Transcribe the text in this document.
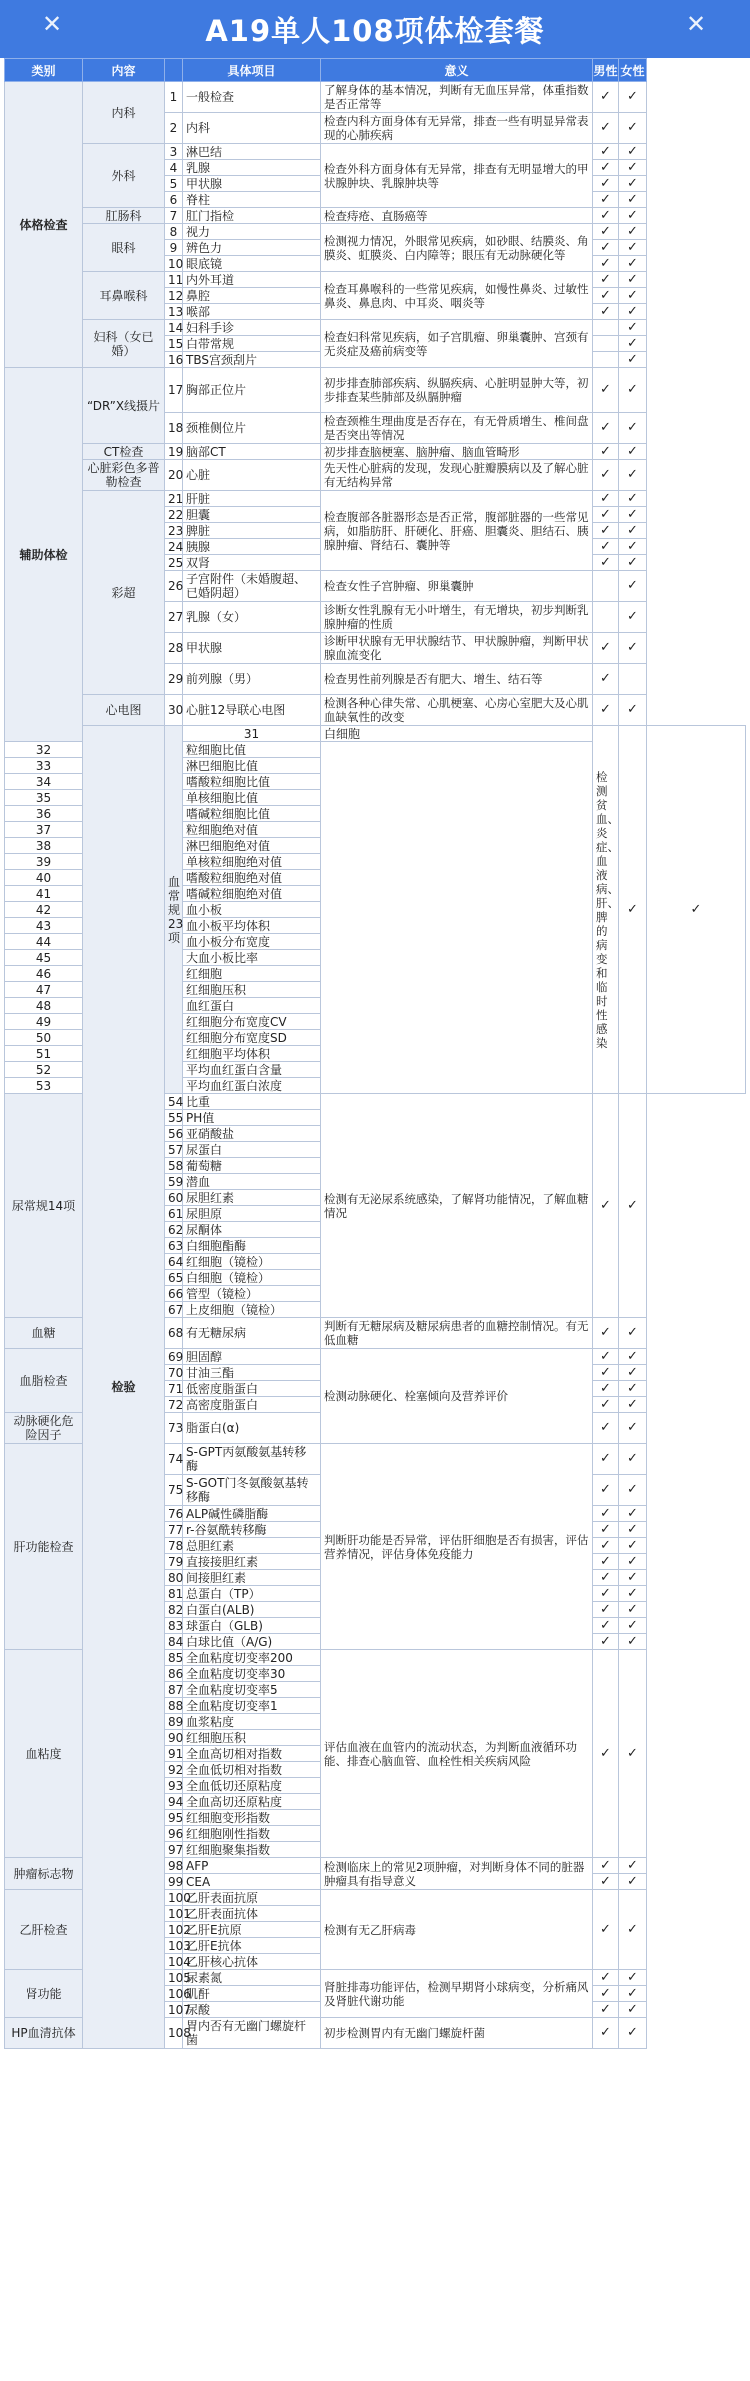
✕	A19单人108项体检套餐	✕
类别	内容		具体项目	意义	男性	女性	
体格检查	内科	1	一般检查	了解身体的基本情况，判断有无血压异常，体重指数是否正常等	✓	✓	
		2	内科	检查内科方面身体有无异常，排查一些有明显异常表现的心肺疾病	✓	✓	
	外科	3	淋巴结	检查外科方面身体有无异常，排查有无明显增大的甲状腺肿块、乳腺肿块等	✓	✓	
		4	乳腺		✓	✓	
		5	甲状腺		✓	✓	
		6	脊柱		✓	✓	
	肛肠科	7	肛门指检	检查痔疮、直肠癌等	✓	✓	
	眼科	8	视力	检测视力情况，外眼常见疾病，如砂眼、结膜炎、角膜炎、虹膜炎、白内障等；眼压有无动脉硬化等	✓	✓	
		9	辨色力		✓	✓	
		10	眼底镜		✓	✓	
	耳鼻喉科	11	内外耳道	检查耳鼻喉科的一些常见疾病，如慢性鼻炎、过敏性鼻炎、鼻息肉、中耳炎、咽炎等	✓	✓	
		12	鼻腔		✓	✓	
		13	喉部		✓	✓	
	妇科（女已婚）	14	妇科手诊	检查妇科常见疾病，如子宫肌瘤、卵巢囊肿、宫颈有无炎症及癌前病变等		✓	
		15	白带常规			✓	
		16	TBS宫颈刮片			✓	
辅助体检	“DR”X线摄片	17	胸部正位片	初步排查肺部疾病、纵膈疾病、心脏明显肿大等，初步排查某些肺部及纵膈肿瘤	✓	✓	
		18	颈椎侧位片	检查颈椎生理曲度是否存在，有无骨质增生、椎间盘是否突出等情况	✓	✓	
	CT检查	19	脑部CT	初步排查脑梗塞、脑肿瘤、脑血管畸形	✓	✓	
	心脏彩色多普勒检查	20	心脏	先天性心脏病的发现，发现心脏瓣膜病以及了解心脏有无结构异常	✓	✓	
	彩超	21	肝脏	检查腹部各脏器形态是否正常，腹部脏器的一些常见病，如脂肪肝、肝硬化、肝癌、胆囊炎、胆结石、胰腺肿瘤、肾结石、囊肿等	✓	✓	
		22	胆囊		✓	✓	
		23	脾脏		✓	✓	
		24	胰腺		✓	✓	
		25	双肾		✓	✓	
		26	子宫附件（未婚腹超、已婚阴超）	检查女性子宫肿瘤、卵巢囊肿		✓	
		27	乳腺（女）	诊断女性乳腺有无小叶增生，有无增块，初步判断乳腺肿瘤的性质		✓	
		28	甲状腺	诊断甲状腺有无甲状腺结节、甲状腺肿瘤，判断甲状腺血流变化	✓	✓	
		29	前列腺（男）	检查男性前列腺是否有肥大、增生、结石等	✓		
	心电图	30	心脏12导联心电图	检测各种心律失常、心肌梗塞、心房心室肥大及心肌血缺氧性的改变	✓	✓	
	检验	血常规23项	31	白细胞	检测贫血、炎症、血液病、肝、脾的病变和临时性感染	✓	✓
32			粒细胞比值				
33			淋巴细胞比值				
34			嗜酸粒细胞比值				
35			单核细胞比值				
36			嗜碱粒细胞比值				
37			粒细胞绝对值				
38			淋巴细胞绝对值				
39			单核粒细胞绝对值				
40			嗜酸粒细胞绝对值				
41			嗜碱粒细胞绝对值				
42			血小板				
43			血小板平均体积				
44			血小板分布宽度				
45			大血小板比率				
46			红细胞				
47			红细胞压积				
48			血红蛋白				
49			红细胞分布宽度CV				
50			红细胞分布宽度SD				
51			红细胞平均体积				
52			平均血红蛋白含量				
53			平均血红蛋白浓度				
尿常规14项		54	比重	检测有无泌尿系统感染，了解肾功能情况，了解血糖情况	✓	✓	
		55	PH值				
		56	亚硝酸盐				
		57	尿蛋白				
		58	葡萄糖				
		59	潜血				
		60	尿胆红素				
		61	尿胆原				
		62	尿酮体				
		63	白细胞酯酶				
		64	红细胞（镜检）				
		65	白细胞（镜检）				
		66	管型（镜检）				
		67	上皮细胞（镜检）				
血糖		68	有无糖尿病	判断有无糖尿病及糖尿病患者的血糖控制情况。有无低血糖	✓	✓	
血脂检查		69	胆固醇	检测动脉硬化、栓塞倾向及营养评价	✓	✓	
		70	甘油三酯		✓	✓	
		71	低密度脂蛋白		✓	✓	
		72	高密度脂蛋白		✓	✓	
动脉硬化危险因子		73	脂蛋白(α)		✓	✓	
肝功能检查		74	S-GPT丙氨酸氨基转移酶	判断肝功能是否异常，评估肝细胞是否有损害，评估营养情况，评估身体免疫能力	✓	✓	
		75	S-GOT门冬氨酸氨基转移酶		✓	✓	
		76	ALP碱性磷脂酶		✓	✓	
		77	r-谷氨酰转移酶		✓	✓	
		78	总胆红素		✓	✓	
		79	直接接胆红素		✓	✓	
		80	间接胆红素		✓	✓	
		81	总蛋白（TP）		✓	✓	
		82	白蛋白(ALB)		✓	✓	
		83	球蛋白（GLB)		✓	✓	
		84	白球比值（A/G)		✓	✓	
血粘度		85	全血粘度切变率200	评估血液在血管内的流动状态，为判断血液循环功能、排查心脑血管、血栓性相关疾病风险	✓	✓	
		86	全血粘度切变率30				
		87	全血粘度切变率5				
		88	全血粘度切变率1				
		89	血浆粘度				
		90	红细胞压积				
		91	全血高切相对指数				
		92	全血低切相对指数				
		93	全血低切还原粘度				
		94	全血高切还原粘度				
		95	红细胞变形指数				
		96	红细胞刚性指数				
		97	红细胞聚集指数				
肿瘤标志物		98	AFP	检测临床上的常见2项肿瘤，对判断身体不同的脏器肿瘤具有指导意义	✓	✓	
		99	CEA		✓	✓	
乙肝检查		100	乙肝表面抗原	检测有无乙肝病毒	✓	✓	
		101	乙肝表面抗体				
		102	乙肝E抗原				
		103	乙肝E抗体				
		104	乙肝核心抗体				
肾功能		105	尿素氮	肾脏排毒功能评估，检测早期肾小球病变，分析痛风及肾脏代谢功能	✓	✓	
		106	肌酐		✓	✓	
		107	尿酸		✓	✓	
HP血清抗体		108	胃内否有无幽门螺旋杆菌	初步检测胃内有无幽门螺旋杆菌	✓	✓	
